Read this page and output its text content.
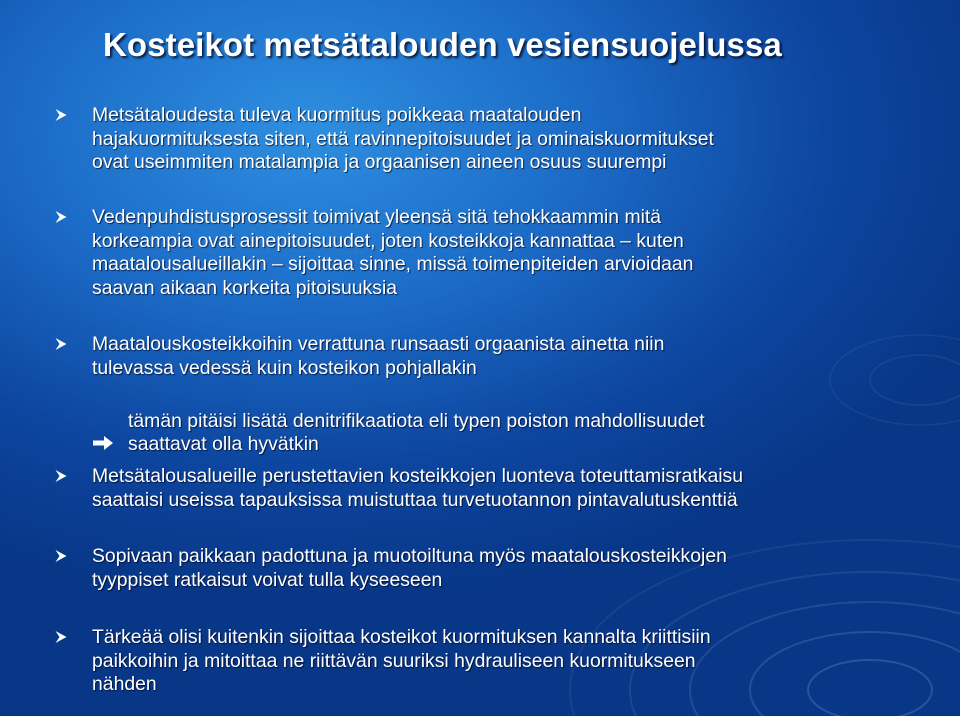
Kosteikot metsätalouden vesiensuojelussa
Metsätaloudesta tuleva kuormitus poikkeaa maatalouden
hajakuormituksesta siten, että ravinnepitoisuudet ja ominaiskuormitukset
ovat useimmiten matalampia ja orgaanisen aineen osuus suurempi
Vedenpuhdistusprosessit toimivat yleensä sitä tehokkaammin mitä
korkeampia ovat ainepitoisuudet, joten kosteikkoja kannattaa – kuten
maatalousalueillakin – sijoittaa sinne, missä toimenpiteiden arvioidaan
saavan aikaan korkeita pitoisuuksia
Maatalouskosteikkoihin verrattuna runsaasti orgaanista ainetta niin
tulevassa vedessä kuin kosteikon pohjallakin

tämän pitäisi lisätä denitrifikaatiota eli typen poiston mahdollisuudet
saattavat olla hyvätkin

Metsätalousalueille perustettavien kosteikkojen luonteva toteuttamisratkaisu
saattaisi useissa tapauksissa muistuttaa turvetuotannon pintavalutuskenttiä
Sopivaan paikkaan padottuna ja muotoiltuna myös maatalouskosteikkojen
tyyppiset ratkaisut voivat tulla kyseeseen
Tärkeää olisi kuitenkin sijoittaa kosteikot kuormituksen kannalta kriittisiin
paikkoihin ja mitoittaa ne riittävän suuriksi hydrauliseen kuormitukseen
nähden
